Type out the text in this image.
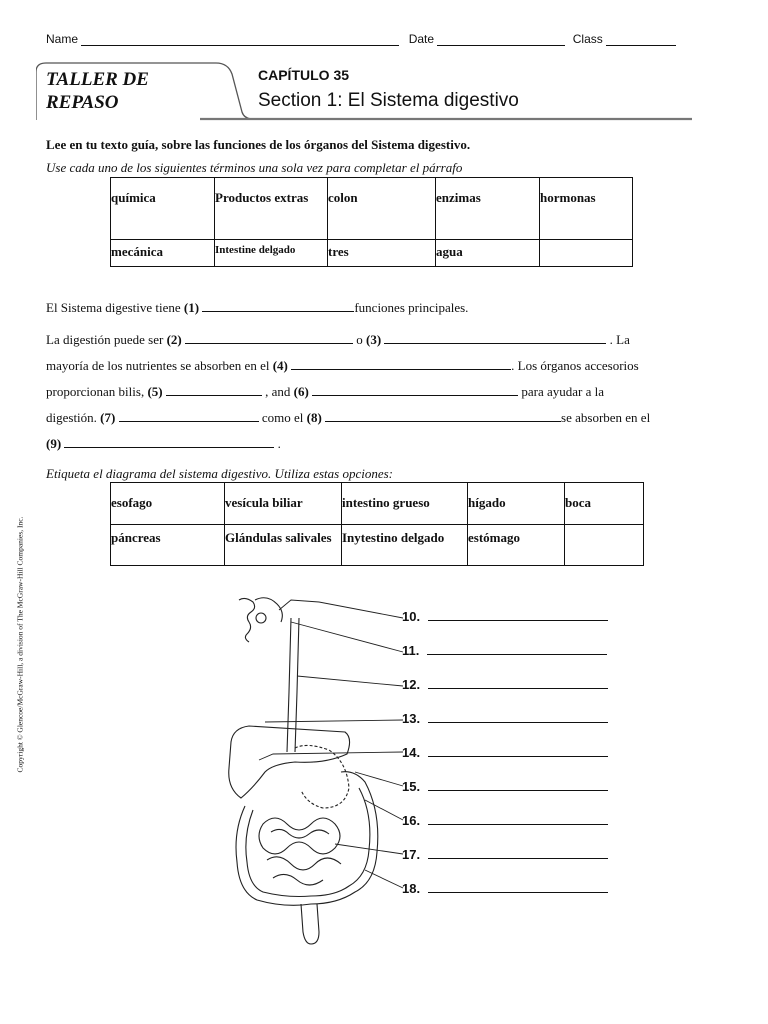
Name	Date	Class
TALLER DE
REPASO
CAPÍTULO 35
Section 1: El Sistema digestivo
Lee en tu texto guía, sobre las funciones de los órganos del Sistema digestivo.
Use cada uno de los siguientes términos una sola vez para completar el párrafo
química	Productos extras	colon	enzimas	hormonas
mecánica	Intestine delgado	tres	agua	
El Sistema digestive tiene (1)	funciones principales.
La digestión puede ser (2)	o (3)	. La
mayoría de los nutrientes se absorben en el (4)	. Los órganos accesorios
proporcionan bilis, (5)	, and (6)	para ayudar a la
digestión. (7)	como el (8)	se absorben en el
(9)	.
Etiqueta el diagrama del sistema digestivo. Utiliza estas opciones:
esofago	vesícula biliar	intestino grueso	hígado	boca
páncreas	Glándulas salivales	Inytestino delgado	estómago	
10.
11.
12.
13.
14.
15.
16.
17.
18.
Copyright © Glencoe/McGraw-Hill, a division of The McGraw-Hill Companies, Inc.
